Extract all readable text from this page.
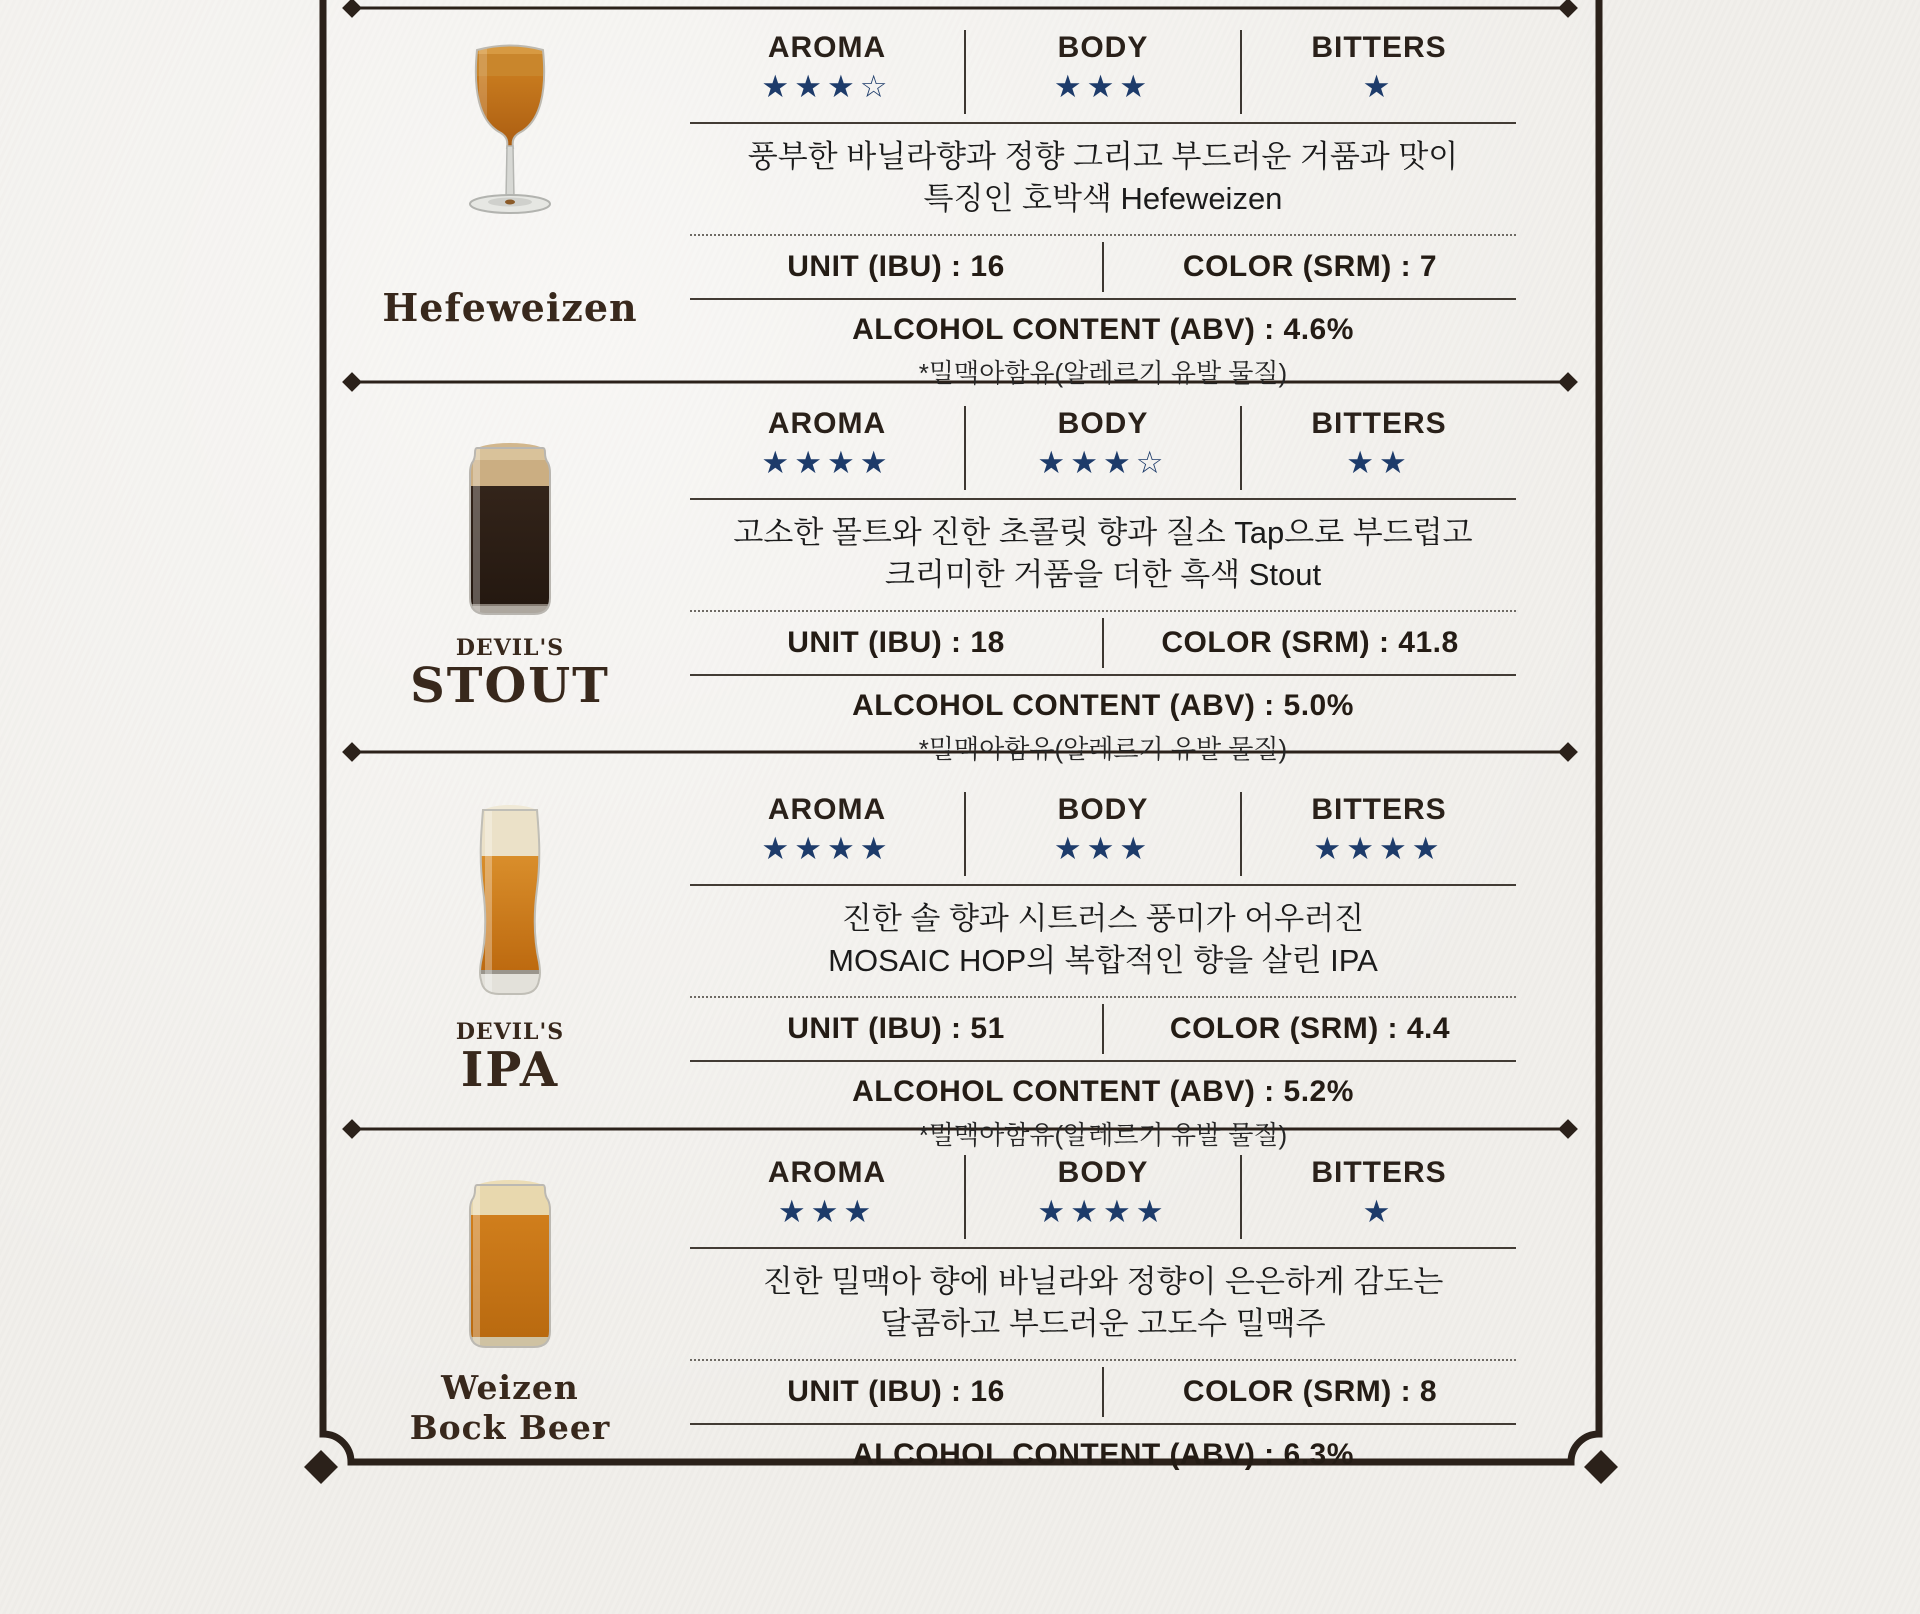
Hefeweizen
AROMA
★★★☆
BODY
★★★
BITTERS
★
풍부한 바닐라향과 정향 그리고 부드러운 거품과 맛이
특징인 호박색 Hefeweizen
UNIT (IBU) : 16	COLOR (SRM) : 7
ALCOHOL CONTENT (ABV) : 4.6%
*밀맥아함유(알레르기 유발 물질)
DEVIL'S
STOUT
AROMA
★★★★
BODY
★★★☆
BITTERS
★★
고소한 몰트와 진한 초콜릿 향과 질소 Tap으로 부드럽고
크리미한 거품을 더한 흑색 Stout
UNIT (IBU) : 18	COLOR (SRM) : 41.8
ALCOHOL CONTENT (ABV) : 5.0%
*밀맥아함유(알레르기 유발 물질)
DEVIL'S
IPA
AROMA
★★★★
BODY
★★★
BITTERS
★★★★
진한 솔 향과 시트러스 풍미가 어우러진
MOSAIC HOP의 복합적인 향을 살린 IPA
UNIT (IBU) : 51	COLOR (SRM) : 4.4
ALCOHOL CONTENT (ABV) : 5.2%
*밀맥아함유(알레르기 유발 물질)
Weizen
Bock Beer
AROMA
★★★
BODY
★★★★
BITTERS
★
진한 밀맥아 향에 바닐라와 정향이 은은하게 감도는
달콤하고 부드러운 고도수 밀맥주
UNIT (IBU) : 16	COLOR (SRM) : 8
ALCOHOL CONTENT (ABV) : 6.3%
